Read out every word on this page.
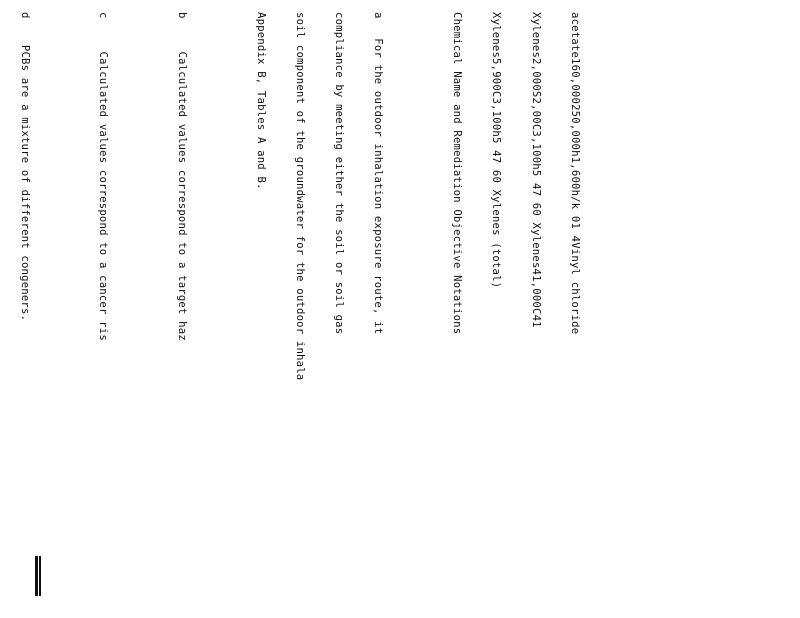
acetate160,000250,000h1,600h/k 01 4Vinyl chloride

Xylenes2,000S2,00C3,100h5 47 60 Xylenes41,000C41

Xylenes5,900C3,100h5 47 60 Xylenes (total)

Chemical Name and Remediation Objective Notations

a   For the outdoor inhalation exposure route, it

compliance by meeting either the soil or soil gas

soil component of the groundwater for the outdoor inhala

Appendix B, Tables A and B.

b     Calculated values correspond to a target haz

c     Calculated values correspond to a cancer ris

d    PCBs are a mixture of different congeners.
